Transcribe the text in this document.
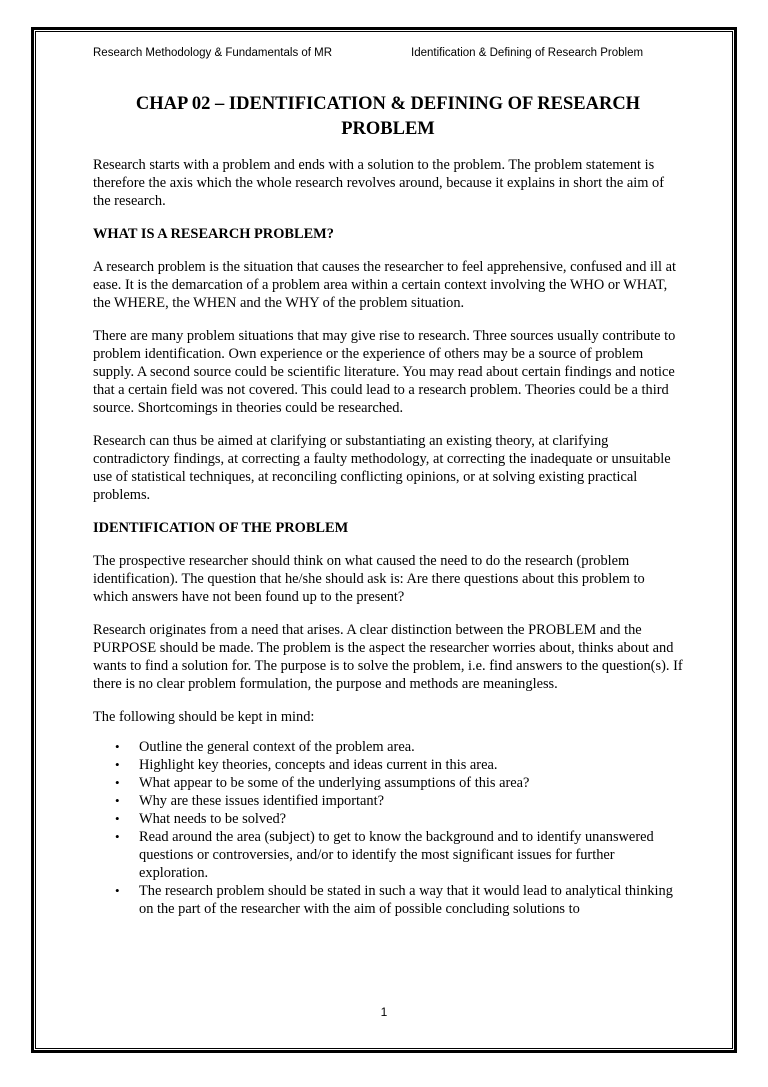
Research Methodology & Fundamentals of MR	Identification & Defining of Research Problem
CHAP 02 – IDENTIFICATION & DEFINING OF RESEARCH PROBLEM

Research starts with a problem and ends with a solution to the problem. The problem statement is therefore the axis which the whole research revolves around, because it explains in short the aim of the research.

WHAT IS A RESEARCH PROBLEM?

A research problem is the situation that causes the researcher to feel apprehensive, confused and ill at ease. It is the demarcation of a problem area within a certain context involving the WHO or WHAT, the WHERE, the WHEN and the WHY of the problem situation.

There are many problem situations that may give rise to research. Three sources usually contribute to problem identification. Own experience or the experience of others may be a source of problem supply. A second source could be scientific literature. You may read about certain findings and notice that a certain field was not covered. This could lead to a research problem. Theories could be a third source. Shortcomings in theories could be researched.

Research can thus be aimed at clarifying or substantiating an existing theory, at clarifying contradictory findings, at correcting a faulty methodology, at correcting the inadequate or unsuitable use of statistical techniques, at reconciling conflicting opinions, or at solving existing practical problems.

IDENTIFICATION OF THE PROBLEM

The prospective researcher should think on what caused the need to do the research (problem identification). The question that he/she should ask is: Are there questions about this problem to which answers have not been found up to the present?

Research originates from a need that arises. A clear distinction between the PROBLEM and the PURPOSE should be made. The problem is the aspect the researcher worries about, thinks about and wants to find a solution for. The purpose is to solve the problem, i.e. find answers to the question(s). If there is no clear problem formulation, the purpose and methods are meaningless.

The following should be kept in mind:

• Outline the general context of the problem area.
• Highlight key theories, concepts and ideas current in this area.
• What appear to be some of the underlying assumptions of this area?
• Why are these issues identified important?
• What needs to be solved?
• Read around the area (subject) to get to know the background and to identify unanswered questions or controversies, and/or to identify the most significant issues for further exploration.
• The research problem should be stated in such a way that it would lead to analytical thinking on the part of the researcher with the aim of possible concluding solutions to
1
